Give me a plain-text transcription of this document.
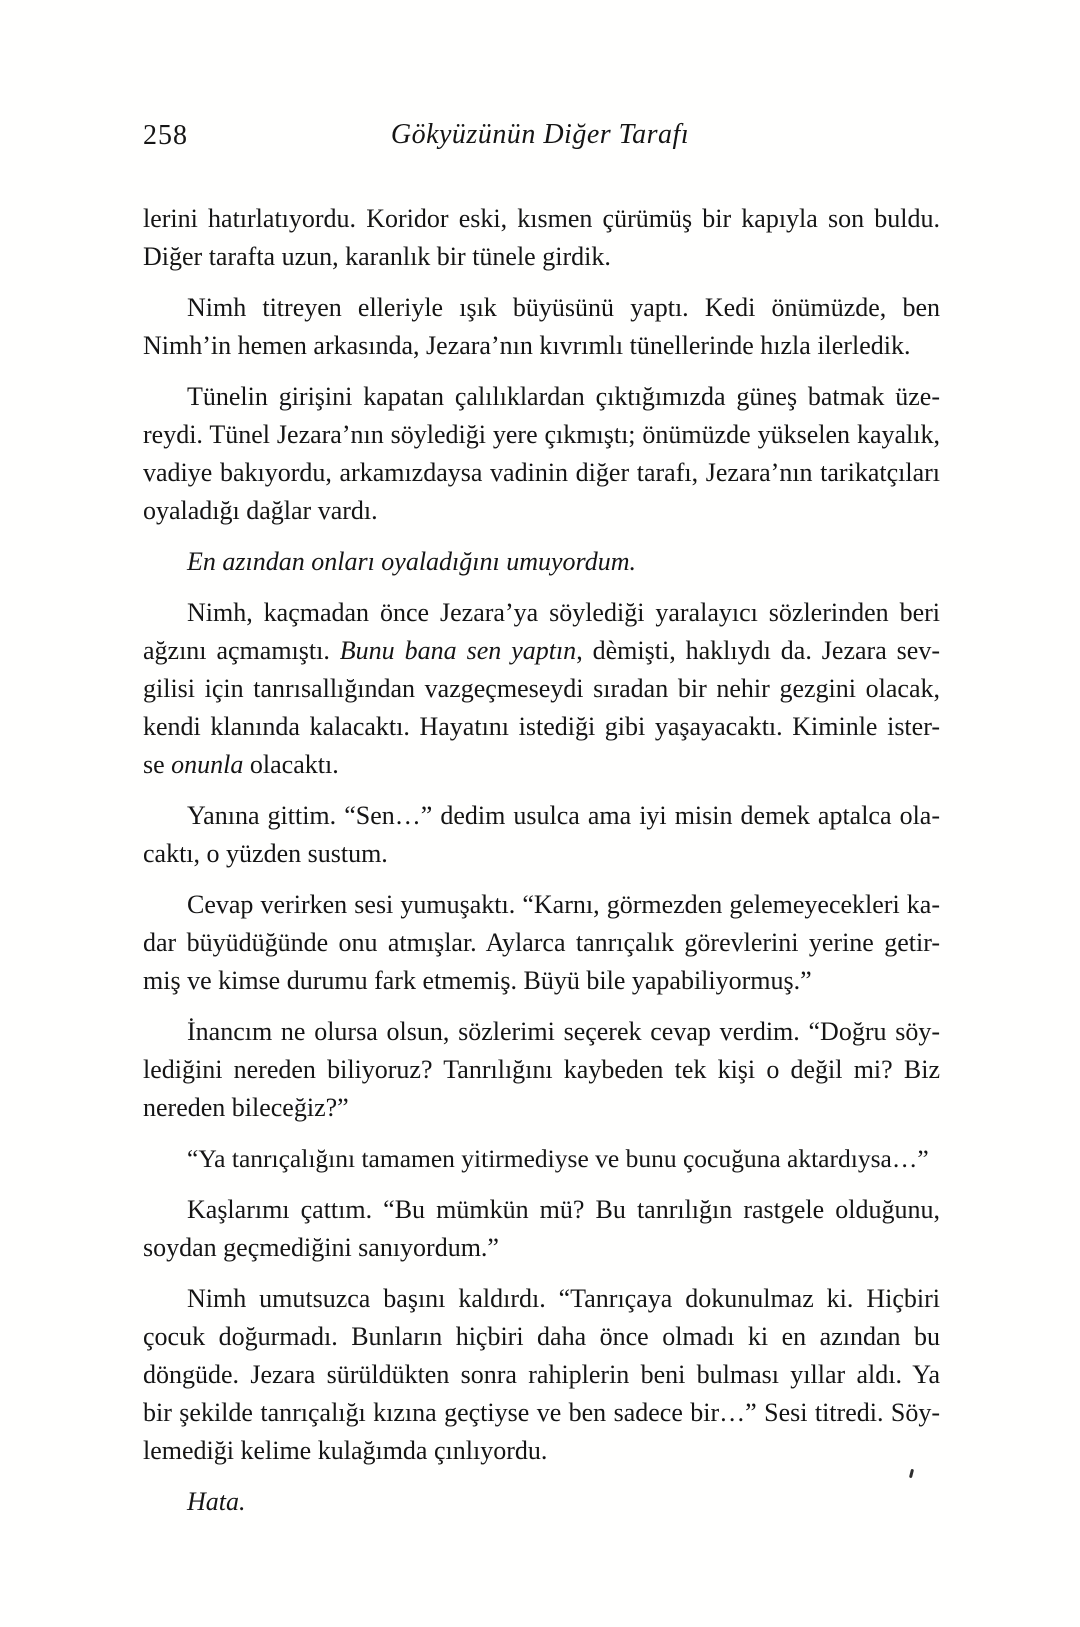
258	Gökyüzünün Diğer Tarafı
lerini hatırlatıyordu. Koridor eski, kısmen çürümüş bir kapıyla son buldu.
Diğer tarafta uzun, karanlık bir tünele girdik.
Nimh titreyen elleriyle ışık büyüsünü yaptı. Kedi önümüzde, ben
Nimh’in hemen arkasında, Jezara’nın kıvrımlı tünellerinde hızla ilerledik.
Tünelin girişini kapatan çalılıklardan çıktığımızda güneş batmak üze-
reydi. Tünel Jezara’nın söylediği yere çıkmıştı; önümüzde yükselen kayalık,
vadiye bakıyordu, arkamızdaysa vadinin diğer tarafı, Jezara’nın tarikatçıları
oyaladığı dağlar vardı.
En azından onları oyaladığını umuyordum.
Nimh, kaçmadan önce Jezara’ya söylediği yaralayıcı sözlerinden beri
ağzını açmamıştı. Bunu bana sen yaptın, dèmişti, haklıydı da. Jezara sev-
gilisi için tanrısallığından vazgeçmeseydi sıradan bir nehir gezgini olacak,
kendi klanında kalacaktı. Hayatını istediği gibi yaşayacaktı. Kiminle ister-
se onunla olacaktı.
Yanına gittim. “Sen…” dedim usulca ama iyi misin demek aptalca ola-
caktı, o yüzden sustum.
Cevap verirken sesi yumuşaktı. “Karnı, görmezden gelemeyecekleri ka-
dar büyüdüğünde onu atmışlar. Aylarca tanrıçalık görevlerini yerine getir-
miş ve kimse durumu fark etmemiş. Büyü bile yapabiliyormuş.”
İnancım ne olursa olsun, sözlerimi seçerek cevap verdim. “Doğru söy-
lediğini nereden biliyoruz? Tanrılığını kaybeden tek kişi o değil mi? Biz
nereden bileceğiz?”
“Ya tanrıçalığını tamamen yitirmediyse ve bunu çocuğuna aktardıysa…”
Kaşlarımı çattım. “Bu mümkün mü? Bu tanrılığın rastgele olduğunu,
soydan geçmediğini sanıyordum.”
Nimh umutsuzca başını kaldırdı. “Tanrıçaya dokunulmaz ki. Hiçbiri
çocuk doğurmadı. Bunların hiçbiri daha önce olmadı ki en azından bu
döngüde. Jezara sürüldükten sonra rahiplerin beni bulması yıllar aldı. Ya
bir şekilde tanrıçalığı kızına geçtiyse ve ben sadece bir…” Sesi titredi. Söy-
lemediği kelime kulağımda çınlıyordu.
Hata.
